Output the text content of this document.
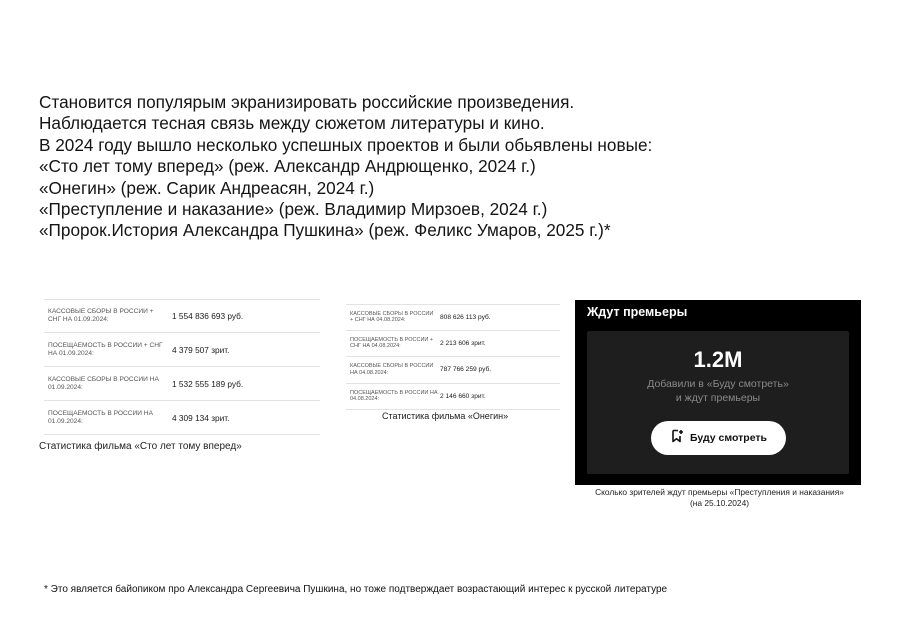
Становится популярым экранизировать российские произведения.
Наблюдается тесная связь между сюжетом литературы и кино.
В 2024 году вышло несколько успешных проектов и были обьявлены новые:
«Сто лет тому вперед» (реж. Александр Андрющенко, 2024 г.)
«Онегин» (реж. Сарик Андреасян, 2024 г.)
«Преступление и наказание» (реж. Владимир Мирзоев, 2024 г.)
«Пророк.История Александра Пушкина» (реж. Феликс Умаров, 2025 г.)*
КАССОВЫЕ СБОРЫ В РОССИИ + СНГ НА 01.09.2024:	1 554 836 693 руб.
ПОСЕЩАЕМОСТЬ В РОССИИ + СНГ НА 01.09.2024:	4 379 507 зрит.
КАССОВЫЕ СБОРЫ В РОССИИ НА 01.09.2024:	1 532 555 189 руб.
ПОСЕЩАЕМОСТЬ В РОССИИ НА 01.09.2024:	4 309 134 зрит.
Статистика фильма «Сто лет тому вперед»
КАССОВЫЕ СБОРЫ В РОССИИ + СНГ НА 04.08.2024:	808 626 113 руб.
ПОСЕЩАЕМОСТЬ В РОССИИ + СНГ НА 04.08.2024:	2 213 606 зрит.
КАССОВЫЕ СБОРЫ В РОССИИ НА 04.08.2024:	787 766 259 руб.
ПОСЕЩАЕМОСТЬ В РОССИИ НА 04.08.2024:	2 146 660 зрит.
Статистика фильма «Онегин»
Ждут премьеры
1.2M
Добавили в «Буду смотреть»
и ждут премьеры
Буду смотреть
Сколько зрителей ждут премьеры «Преступления и наказания»
(на 25.10.2024)
* Это является байопиком про Александра Сергеевича Пушкина, но тоже подтверждает возрастающий интерес к русской литературе
